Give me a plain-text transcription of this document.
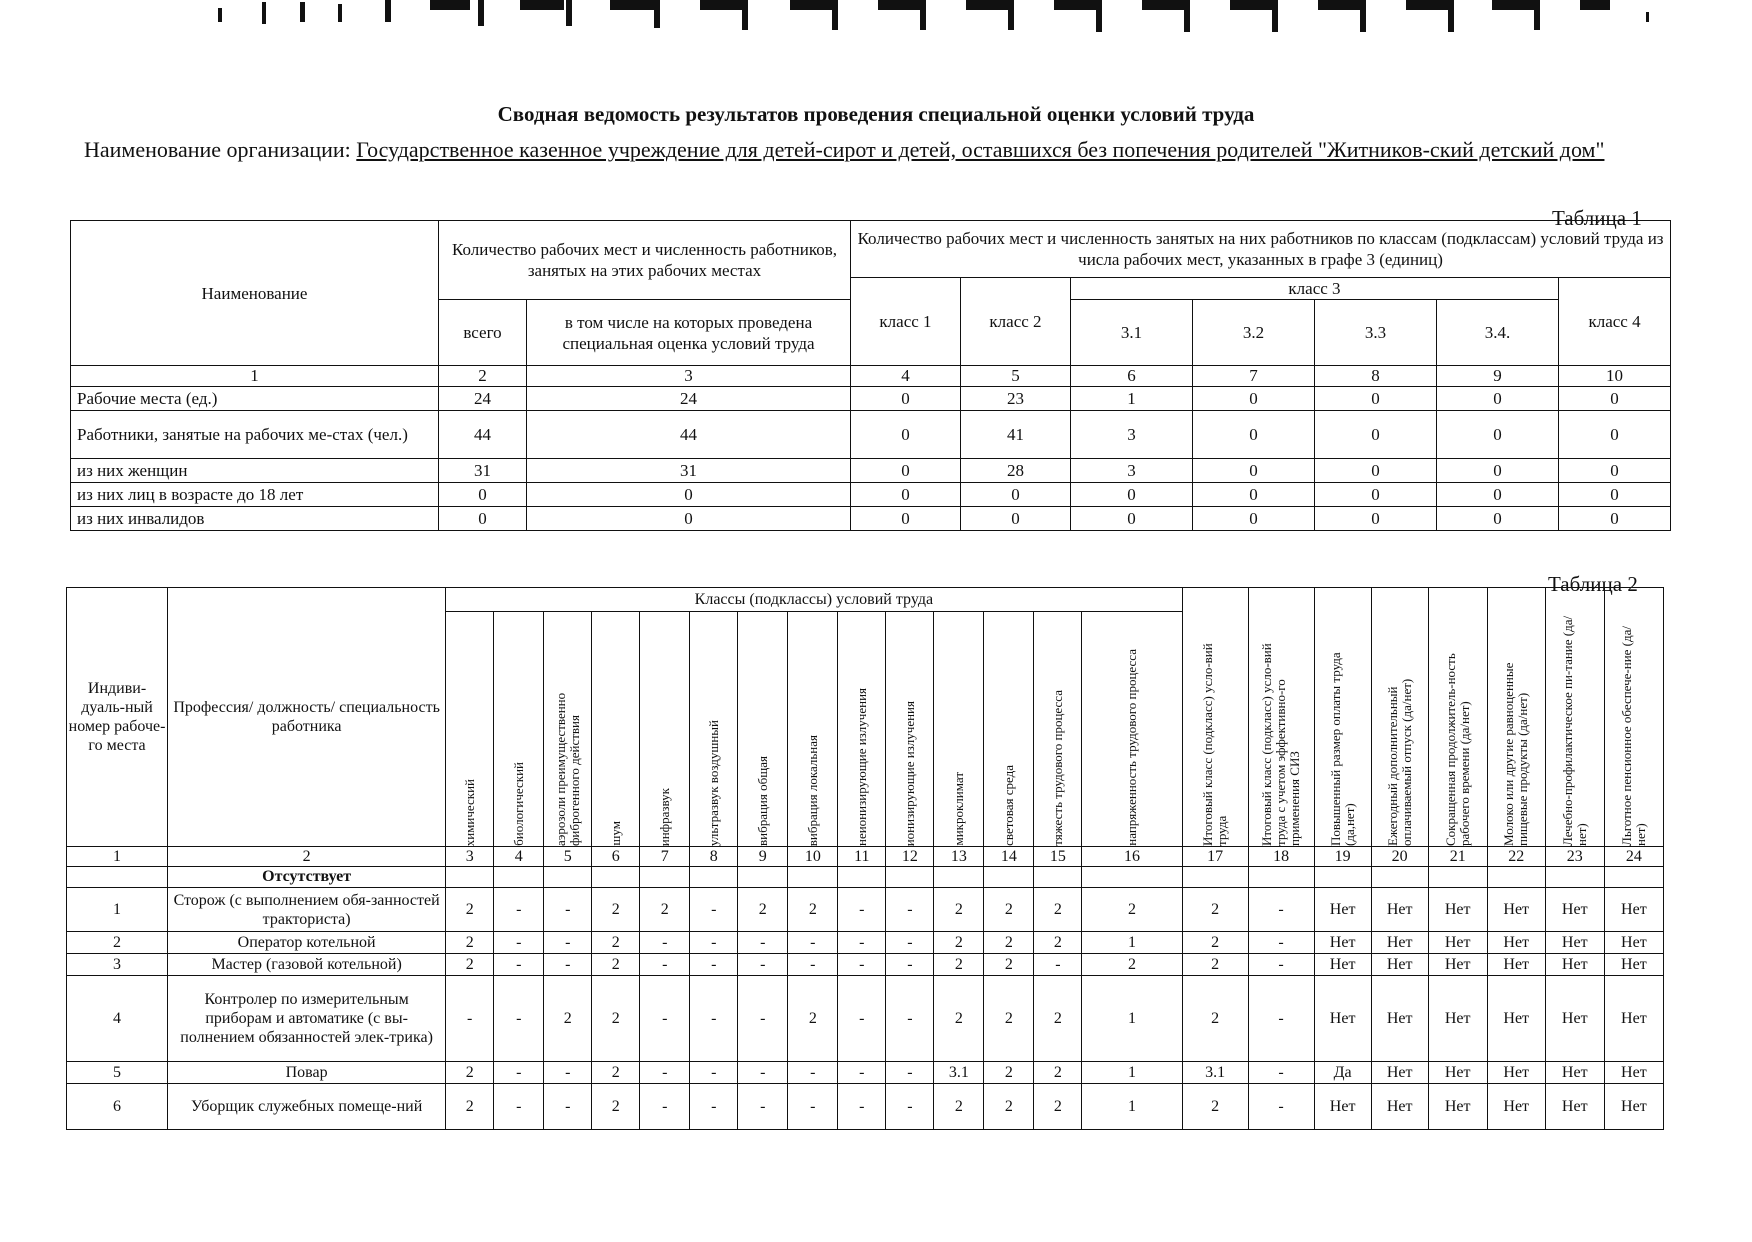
Сводная ведомость результатов проведения специальной оценки условий труда
Наименование организации: Государственное казенное учреждение для детей-сирот и детей, оставшихся без попечения родителей "Житников-ский детский дом"
Таблица 1
Наименование	Количество рабочих мест и численность работников, занятых на этих рабочих местах		Количество рабочих мест и численность занятых на них работников по классам (подклассам) условий труда из числа рабочих мест, указанных в графе 3 (единиц)						
			класс 1	класс 2	класс 3				класс 4
	всего	в том числе на которых проведена специальная оценка условий труда			3.1	3.2	3.3	3.4.	
1	2	3	4	5	6	7	8	9	10
Рабочие места (ед.)	24	24	0	23	1	0	0	0	0
Работники, занятые на рабочих ме-стах (чел.)	44	44	0	41	3	0	0	0	0
из них женщин	31	31	0	28	3	0	0	0	0
из них лиц в возрасте до 18 лет	0	0	0	0	0	0	0	0	0
из них инвалидов	0	0	0	0	0	0	0	0	0
Таблица 2
Индиви-дуаль-ный номер рабоче-го места	Профессия/ должность/ специальность работника	Классы (подклассы) условий труда														Итоговый класс (подкласс) усло-вий труда	Итоговый класс (подкласс) усло-вий труда с учетом эффективно-го применения СИЗ	Повышенный размер оплаты труда (да,нет)	Ежегодный дополнительный оплачиваемый отпуск (да/нет)	Сокращенная продолжитель-ность рабочего времени (да/нет)	Молоко или другие равноценные пищевые продукты (да/нет)	Лечебно-профилактическое пи-тание (да/нет)	Льготное пенсионное обеспече-ние (да/нет)

		химический	биологический	аэрозоли преимущественно фиброгенного действия	шум	инфразвук	ультразвук воздушный	вибрация общая	вибрация локальная	неионизирующие излучения	ионизирующие излучения	микроклимат	световая среда	тяжесть трудового процесса	напряженность трудового процесса								

1	2	3	4	5	6	7	8	9	10	11	12	13	14	15	16	17	18	19	20	21	22	23	24
	Отсутствует																						
1	Сторож (с выполнением обя-занностей тракториста)	2	-	-	2	2	-	2	2	-	-	2	2	2	2	2	-	Нет	Нет	Нет	Нет	Нет	Нет
2	Оператор котельной	2	-	-	2	-	-	-	-	-	-	2	2	2	1	2	-	Нет	Нет	Нет	Нет	Нет	Нет
3	Мастер (газовой котельной)	2	-	-	2	-	-	-	-	-	-	2	2	-	2	2	-	Нет	Нет	Нет	Нет	Нет	Нет
4	Контролер по измерительным приборам и автоматике (с вы-полнением обязанностей элек-трика)	-	-	2	2	-	-	-	2	-	-	2	2	2	1	2	-	Нет	Нет	Нет	Нет	Нет	Нет
5	Повар	2	-	-	2	-	-	-	-	-	-	3.1	2	2	1	3.1	-	Да	Нет	Нет	Нет	Нет	Нет
6	Уборщик служебных помеще-ний	2	-	-	2	-	-	-	-	-	-	2	2	2	1	2	-	Нет	Нет	Нет	Нет	Нет	Нет
